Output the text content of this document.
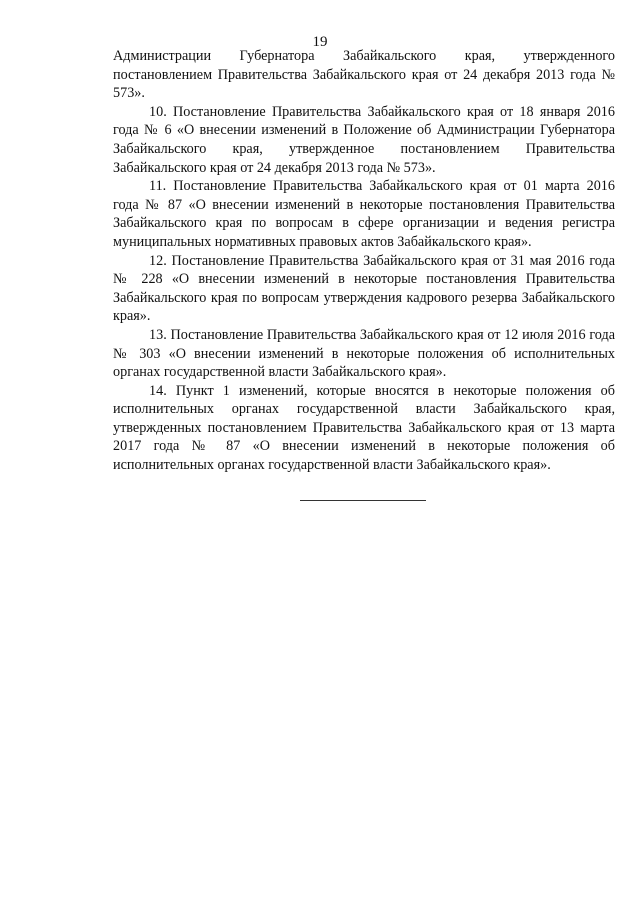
19

Администрации Губернатора Забайкальского края, утвержденного постановлением Правительства Забайкальского края от 24 декабря 2013 года № 573».

10. Постановление Правительства Забайкальского края от 18 января 2016 года № 6 «О внесении изменений в Положение об Администрации Губернатора Забайкальского края, утвержденное постановлением Правительства Забайкальского края от 24 декабря 2013 года № 573».

11. Постановление Правительства Забайкальского края от 01 марта 2016 года № 87 «О внесении изменений в некоторые постановления Правительства Забайкальского края по вопросам в сфере организации и ведения регистра муниципальных нормативных правовых актов Забайкальского края».

12. Постановление Правительства Забайкальского края от 31 мая 2016 года № 228 «О внесении изменений в некоторые постановления Правительства Забайкальского края по вопросам утверждения кадрового резерва Забайкальского края».

13. Постановление Правительства Забайкальского края от 12 июля 2016 года № 303 «О внесении изменений в некоторые положения об исполнительных органах государственной власти Забайкальского края».

14. Пункт 1 изменений, которые вносятся в некоторые положения об исполнительных органах государственной власти Забайкальского края, утвержденных постановлением Правительства Забайкальского края от 13 марта 2017 года № 87 «О внесении изменений в некоторые положения об исполнительных органах государственной власти Забайкальского края».
